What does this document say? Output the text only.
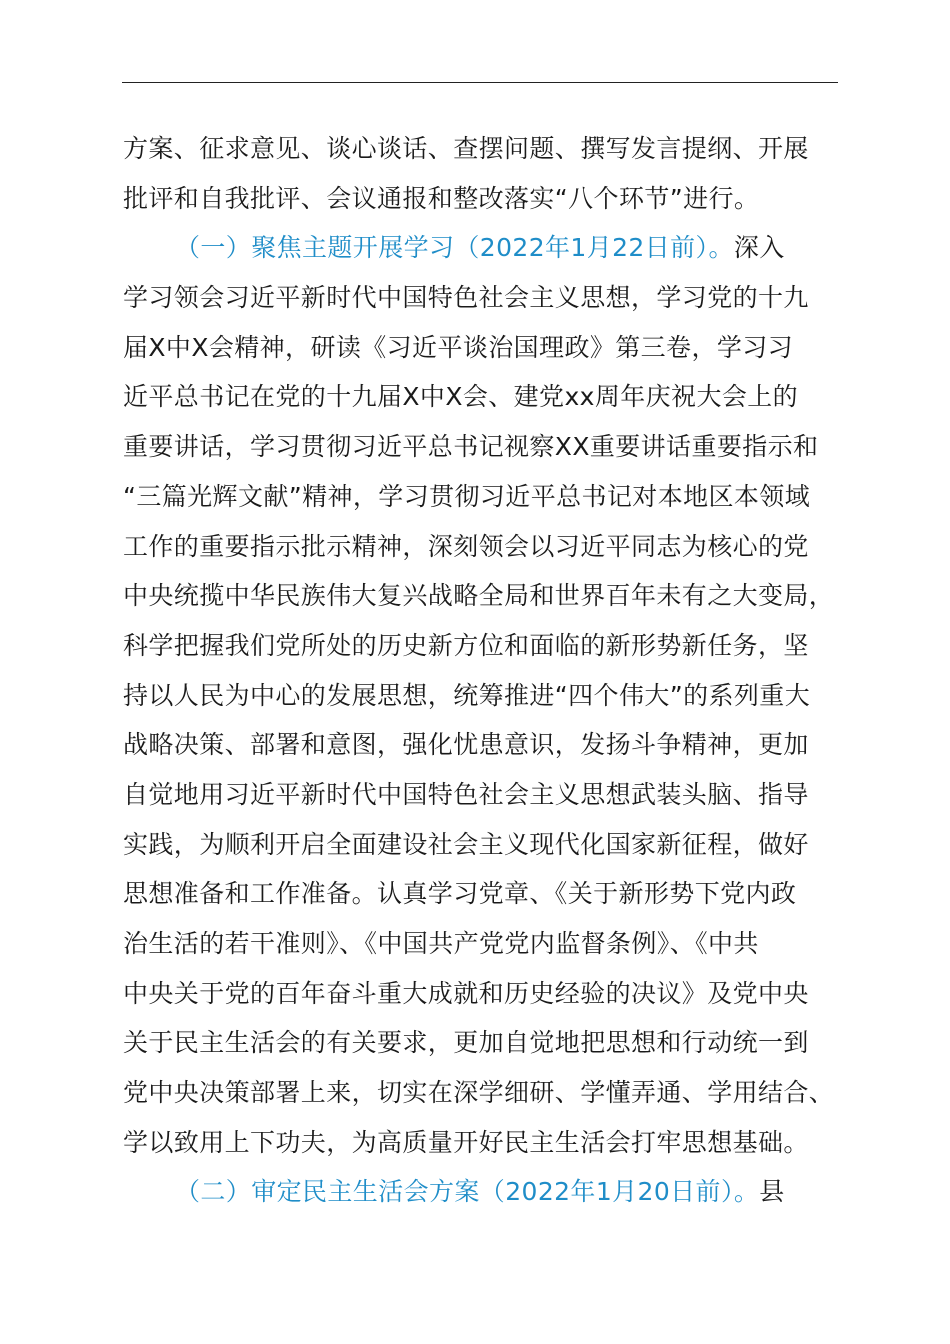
方案、征求意见、谈心谈话、查摆问题、撰写发言提纲、开展
批评和自我批评、会议通报和整改落实“八个环节”进行。
（一）聚焦主题开展学习（2022年1月22日前）。深入
学习领会习近平新时代中国特色社会主义思想，学习党的十九
届X中X会精神，研读《习近平谈治国理政》第三卷，学习习
近平总书记在党的十九届X中X会、建党xx周年庆祝大会上的
重要讲话，学习贯彻习近平总书记视察XX重要讲话重要指示和
“三篇光辉文献”精神，学习贯彻习近平总书记对本地区本领域
工作的重要指示批示精神，深刻领会以习近平同志为核心的党
中央统揽中华民族伟大复兴战略全局和世界百年未有之大变局，
科学把握我们党所处的历史新方位和面临的新形势新任务，坚
持以人民为中心的发展思想，统筹推进“四个伟大”的系列重大
战略决策、部署和意图，强化忧患意识，发扬斗争精神，更加
自觉地用习近平新时代中国特色社会主义思想武装头脑、指导
实践，为顺利开启全面建设社会主义现代化国家新征程，做好
思想准备和工作准备。认真学习党章、《关于新形势下党内政
治生活的若干准则》、《中国共产党党内监督条例》、《中共
中央关于党的百年奋斗重大成就和历史经验的决议》及党中央
关于民主生活会的有关要求，更加自觉地把思想和行动统一到
党中央决策部署上来，切实在深学细研、学懂弄通、学用结合、
学以致用上下功夫，为高质量开好民主生活会打牢思想基础。
（二）审定民主生活会方案（2022年1月20日前）。县
